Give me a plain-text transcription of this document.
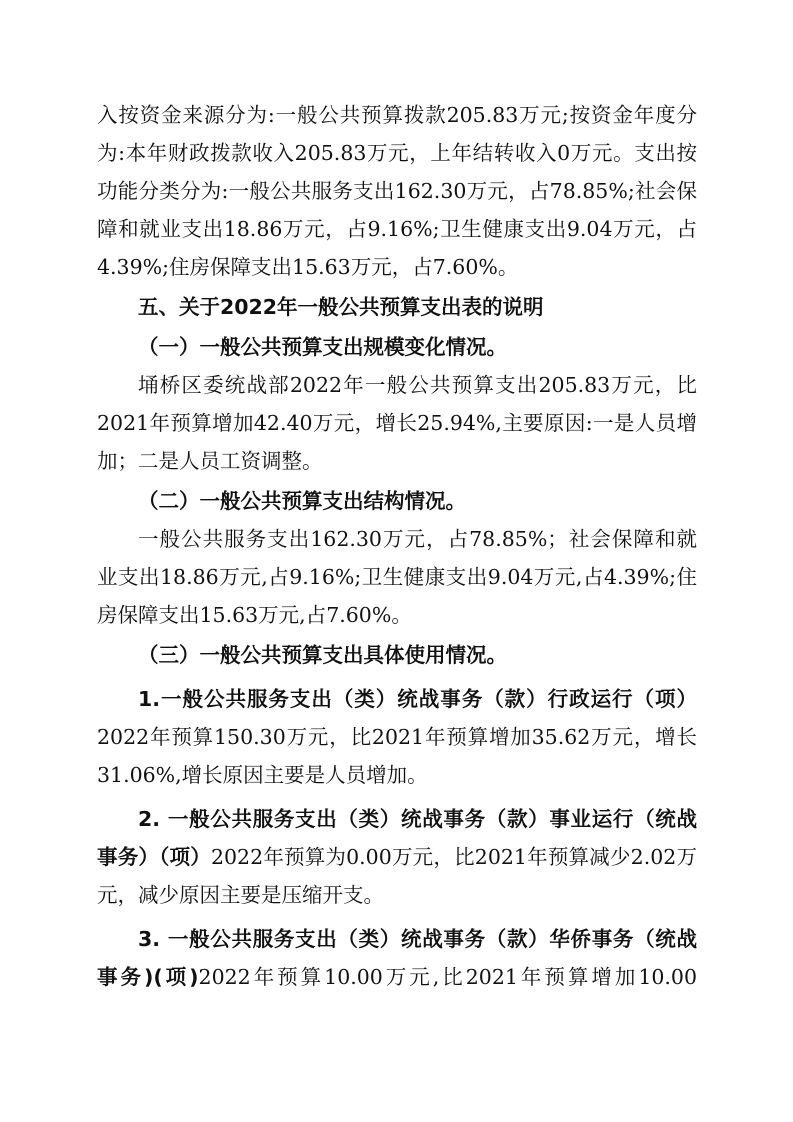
入按资金来源分为:一般公共预算拨款205.83万元;按资金年度分为:本年财政拨款收入205.83万元，上年结转收入0万元。支出按功能分类分为:一般公共服务支出162.30万元，占78.85%;社会保障和就业支出18.86万元，占9.16%;卫生健康支出9.04万元，占4.39%;住房保障支出15.63万元，占7.60%。

五、关于2022年一般公共预算支出表的说明

（一）一般公共预算支出规模变化情况。

埇桥区委统战部2022年一般公共预算支出205.83万元，比2021年预算增加42.40万元，增长25.94%,主要原因:一是人员增加；二是人员工资调整。

（二）一般公共预算支出结构情况。

一般公共服务支出162.30万元，占78.85%；社会保障和就业支出18.86万元,占9.16%;卫生健康支出9.04万元,占4.39%;住房保障支出15.63万元,占7.60%。

（三）一般公共预算支出具体使用情况。

1.一般公共服务支出（类）统战事务（款）行政运行（项）2022年预算150.30万元，比2021年预算增加35.62万元，增长31.06%,增长原因主要是人员增加。

2. 一般公共服务支出（类）统战事务（款）事业运行（统战事务）（项）2022年预算为0.00万元，比2021年预算减少2.02万元，减少原因主要是压缩开支。

3. 一般公共服务支出（类）统战事务（款）华侨事务（统战事务)(项)2022年预算10.00万元,比2021年预算增加10.00
